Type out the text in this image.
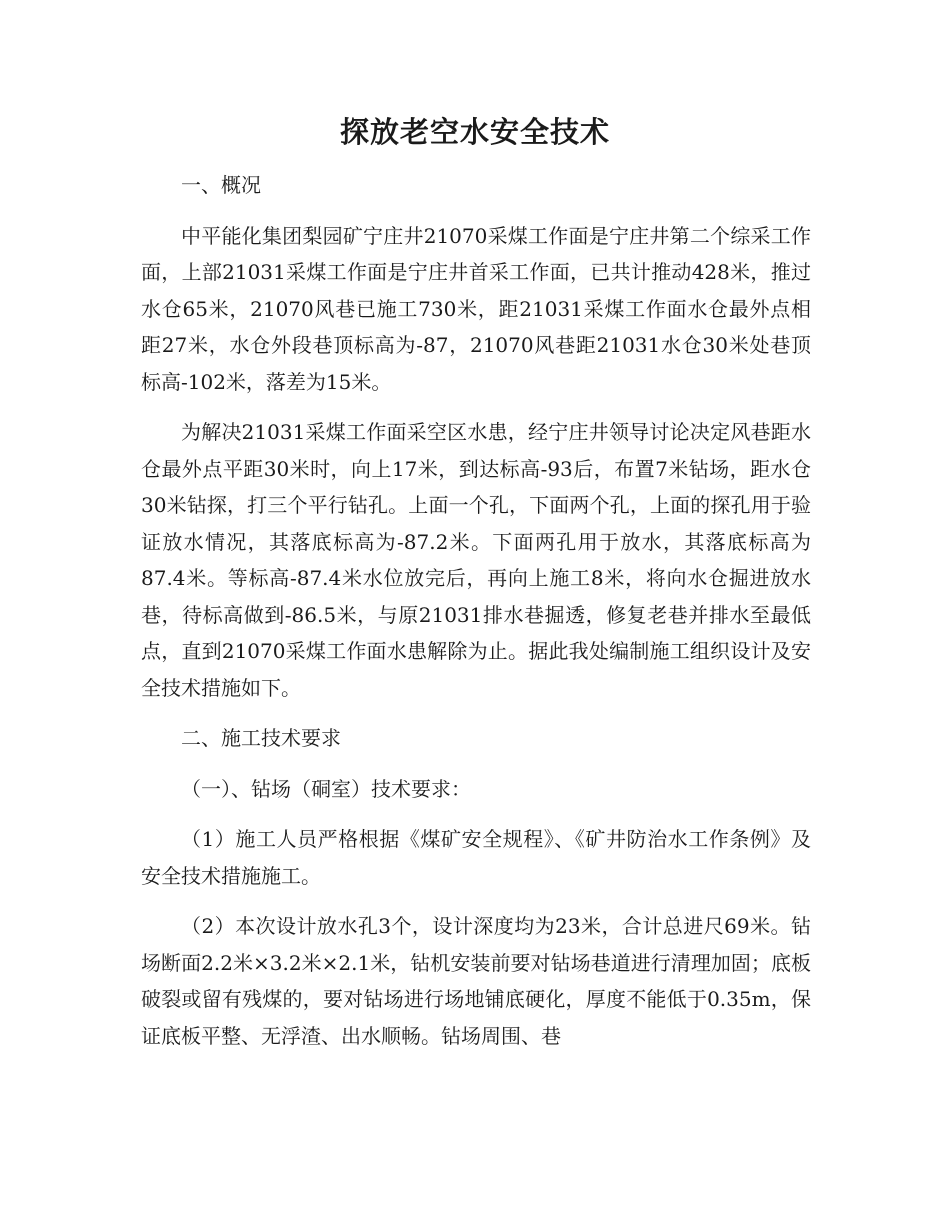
探放老空水安全技术

一、概况

中平能化集团梨园矿宁庄井21070采煤工作面是宁庄井第二个综采工作面，上部21031采煤工作面是宁庄井首采工作面，已共计推动428米，推过水仓65米，21070风巷已施工730米，距21031采煤工作面水仓最外点相距27米，水仓外段巷顶标高为-87，21070风巷距21031水仓30米处巷顶标高-102米，落差为15米。

为解决21031采煤工作面采空区水患，经宁庄井领导讨论决定风巷距水仓最外点平距30米时，向上17米，到达标高-93后，布置7米钻场，距水仓30米钻探，打三个平行钻孔。上面一个孔，下面两个孔，上面的探孔用于验证放水情况，其落底标高为-87.2米。下面两孔用于放水，其落底标高为87.4米。等标高-87.4米水位放完后，再向上施工8米，将向水仓掘进放水巷，待标高做到-86.5米，与原21031排水巷掘透，修复老巷并排水至最低点，直到21070采煤工作面水患解除为止。据此我处编制施工组织设计及安全技术措施如下。

二、施工技术要求

（一）、钻场（硐室）技术要求：

（1）施工人员严格根据《煤矿安全规程》、《矿井防治水工作条例》及安全技术措施施工。

（2）本次设计放水孔3个，设计深度均为23米，合计总进尺69米。钻场断面2.2米×3.2米×2.1米，钻机安装前要对钻场巷道进行清理加固；底板破裂或留有残煤的，要对钻场进行场地铺底硬化，厚度不能低于0.35m，保证底板平整、无浮渣、出水顺畅。钻场周围、巷
